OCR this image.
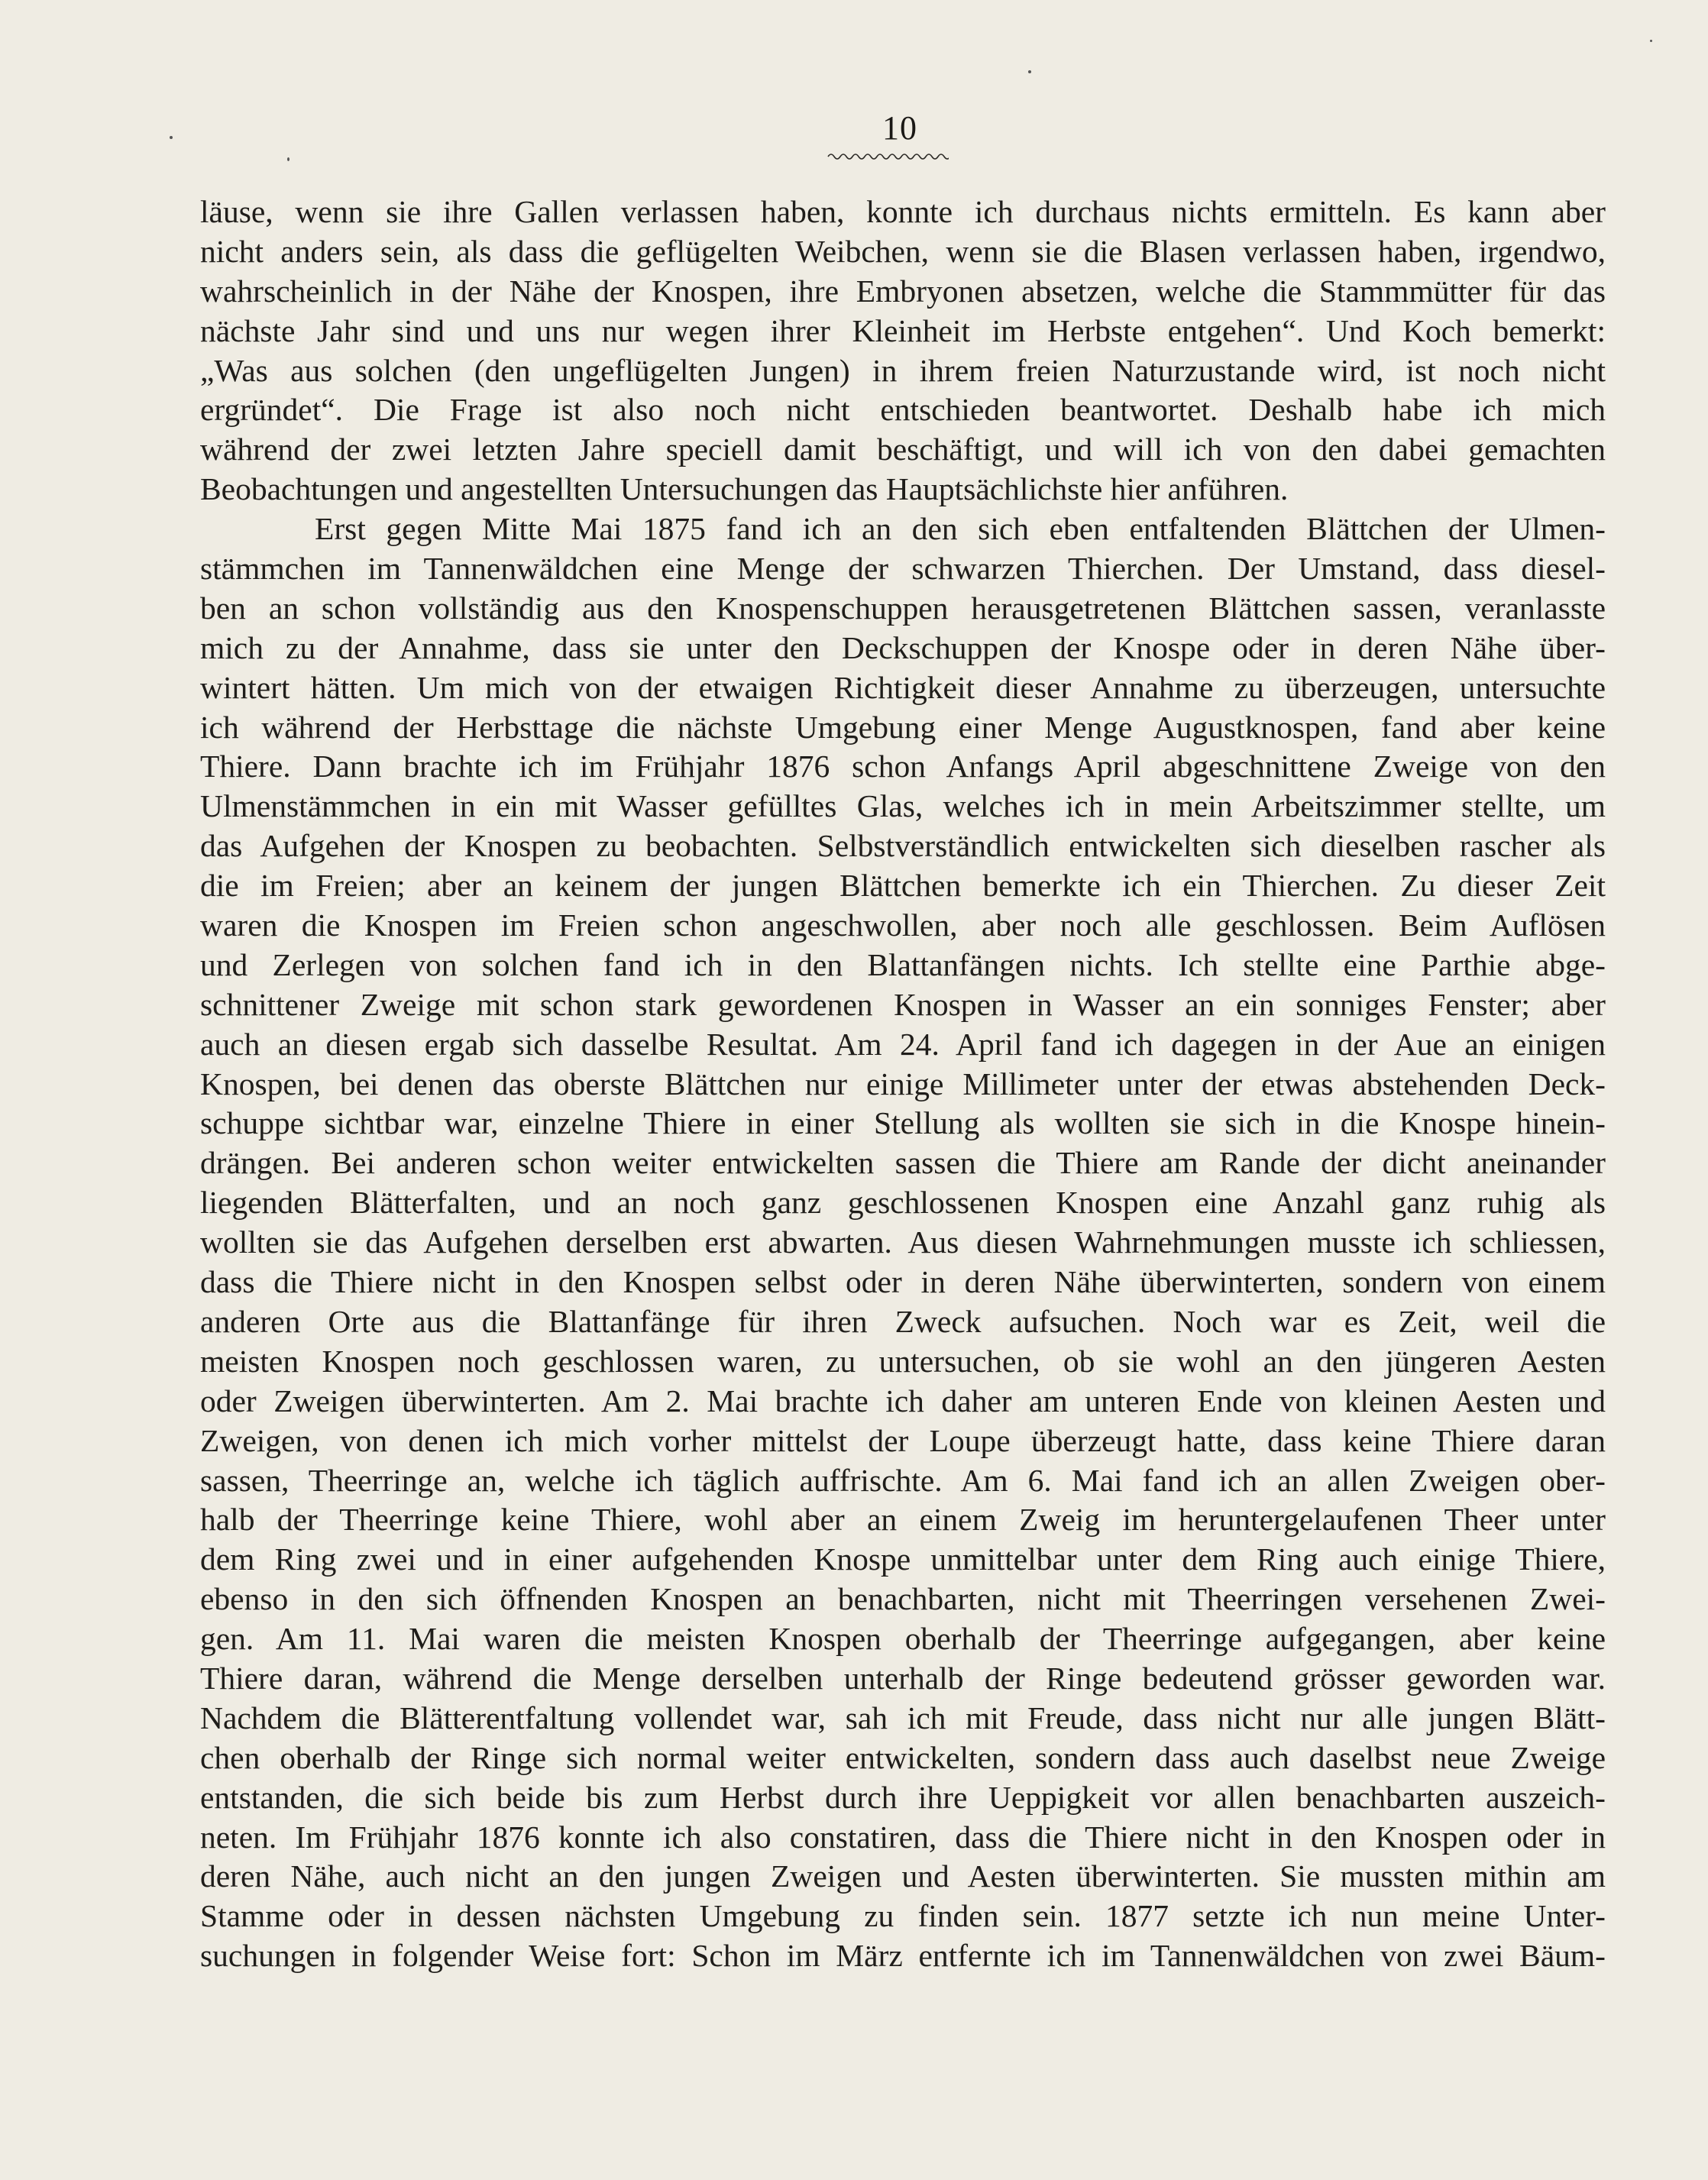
10
läuse, wenn sie ihre Gallen verlassen haben, konnte ich durchaus nichts ermitteln. Es kann aber
nicht anders sein, als dass die geflügelten Weibchen, wenn sie die Blasen verlassen haben, irgendwo,
wahrscheinlich in der Nähe der Knospen, ihre Embryonen absetzen, welche die Stammmütter für das
nächste Jahr sind und uns nur wegen ihrer Kleinheit im Herbste entgehen“. Und Koch bemerkt:
„Was aus solchen (den ungeflügelten Jungen) in ihrem freien Naturzustande wird, ist noch nicht
ergründet“. Die Frage ist also noch nicht entschieden beantwortet. Deshalb habe ich mich
während der zwei letzten Jahre speciell damit beschäftigt, und will ich von den dabei gemachten
Beobachtungen und angestellten Untersuchungen das Hauptsächlichste hier anführen.
Erst gegen Mitte Mai 1875 fand ich an den sich eben entfaltenden Blättchen der Ulmen-
stämmchen im Tannenwäldchen eine Menge der schwarzen Thierchen. Der Umstand, dass diesel-
ben an schon vollständig aus den Knospenschuppen herausgetretenen Blättchen sassen, veranlasste
mich zu der Annahme, dass sie unter den Deckschuppen der Knospe oder in deren Nähe über-
wintert hätten. Um mich von der etwaigen Richtigkeit dieser Annahme zu überzeugen, untersuchte
ich während der Herbsttage die nächste Umgebung einer Menge Augustknospen, fand aber keine
Thiere. Dann brachte ich im Frühjahr 1876 schon Anfangs April abgeschnittene Zweige von den
Ulmenstämmchen in ein mit Wasser gefülltes Glas, welches ich in mein Arbeitszimmer stellte, um
das Aufgehen der Knospen zu beobachten. Selbstverständlich entwickelten sich dieselben rascher als
die im Freien; aber an keinem der jungen Blättchen bemerkte ich ein Thierchen. Zu dieser Zeit
waren die Knospen im Freien schon angeschwollen, aber noch alle geschlossen. Beim Auflösen
und Zerlegen von solchen fand ich in den Blattanfängen nichts. Ich stellte eine Parthie abge-
schnittener Zweige mit schon stark gewordenen Knospen in Wasser an ein sonniges Fenster; aber
auch an diesen ergab sich dasselbe Resultat. Am 24. April fand ich dagegen in der Aue an einigen
Knospen, bei denen das oberste Blättchen nur einige Millimeter unter der etwas abstehenden Deck-
schuppe sichtbar war, einzelne Thiere in einer Stellung als wollten sie sich in die Knospe hinein-
drängen. Bei anderen schon weiter entwickelten sassen die Thiere am Rande der dicht aneinander
liegenden Blätterfalten, und an noch ganz geschlossenen Knospen eine Anzahl ganz ruhig als
wollten sie das Aufgehen derselben erst abwarten. Aus diesen Wahrnehmungen musste ich schliessen,
dass die Thiere nicht in den Knospen selbst oder in deren Nähe überwinterten, sondern von einem
anderen Orte aus die Blattanfänge für ihren Zweck aufsuchen. Noch war es Zeit, weil die
meisten Knospen noch geschlossen waren, zu untersuchen, ob sie wohl an den jüngeren Aesten
oder Zweigen überwinterten. Am 2. Mai brachte ich daher am unteren Ende von kleinen Aesten und
Zweigen, von denen ich mich vorher mittelst der Loupe überzeugt hatte, dass keine Thiere daran
sassen, Theerringe an, welche ich täglich auffrischte. Am 6. Mai fand ich an allen Zweigen ober-
halb der Theerringe keine Thiere, wohl aber an einem Zweig im heruntergelaufenen Theer unter
dem Ring zwei und in einer aufgehenden Knospe unmittelbar unter dem Ring auch einige Thiere,
ebenso in den sich öffnenden Knospen an benachbarten, nicht mit Theerringen versehenen Zwei-
gen. Am 11. Mai waren die meisten Knospen oberhalb der Theerringe aufgegangen, aber keine
Thiere daran, während die Menge derselben unterhalb der Ringe bedeutend grösser geworden war.
Nachdem die Blätterentfaltung vollendet war, sah ich mit Freude, dass nicht nur alle jungen Blätt-
chen oberhalb der Ringe sich normal weiter entwickelten, sondern dass auch daselbst neue Zweige
entstanden, die sich beide bis zum Herbst durch ihre Ueppigkeit vor allen benachbarten auszeich-
neten. Im Frühjahr 1876 konnte ich also constatiren, dass die Thiere nicht in den Knospen oder in
deren Nähe, auch nicht an den jungen Zweigen und Aesten überwinterten. Sie mussten mithin am
Stamme oder in dessen nächsten Umgebung zu finden sein. 1877 setzte ich nun meine Unter-
suchungen in folgender Weise fort: Schon im März entfernte ich im Tannenwäldchen von zwei Bäum-
